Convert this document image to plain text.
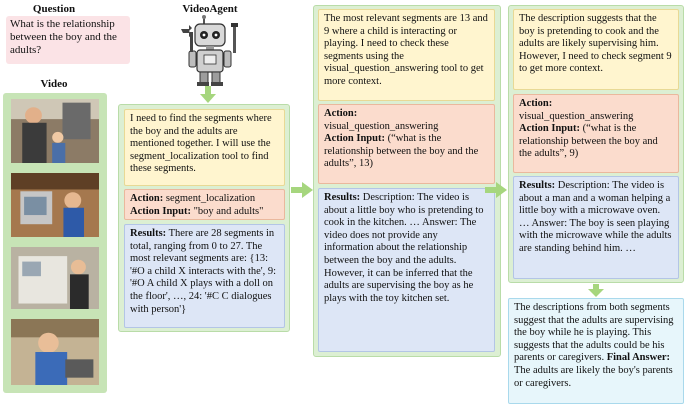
Question
What is the relationship between the boy and the adults?
Video
VideoAgent
I need to find the segments where the boy and the adults are mentioned together. I will use the segment_localization tool to find these segments.
Action: segment_localization
Action Input: "boy and adults"
Results: There are 28 segments in total, ranging from 0 to 27. The most relevant segments are: {13: '#O a child X interacts with the', 9: '#O A child X plays with a doll on the floor', …, 24: '#C C dialogues with person'}
The most relevant segments are 13 and 9 where a child is interacting or playing. I need to check these segments using the visual_question_answering tool to get more context.
Action:
visual_question_answering
Action Input: (“what is the relationship between the boy and the adults”, 13)
Results: Description: The video is about a little boy who is pretending to cook in the kitchen. … Answer: The video does not provide any information about the relationship between the boy and the adults. However, it can be inferred that the adults are supervising the boy as he plays with the toy kitchen set.
The description suggests that the boy is pretending to cook and the adults are likely supervising him. However, I need to check segment 9 to get more context.
Action:
visual_question_answering
Action Input: (“what is the relationship between the boy and the adults”, 9)
Results: Description: The video is about a man and a woman helping a little boy with a microwave oven. … Answer: The boy is seen playing with the microwave while the adults are standing behind him. …
The descriptions from both segments suggest that the adults are supervising the boy while he is playing. This suggests that the adults could be his parents or caregivers. Final Answer: The adults are likely the boy's parents or caregivers.
